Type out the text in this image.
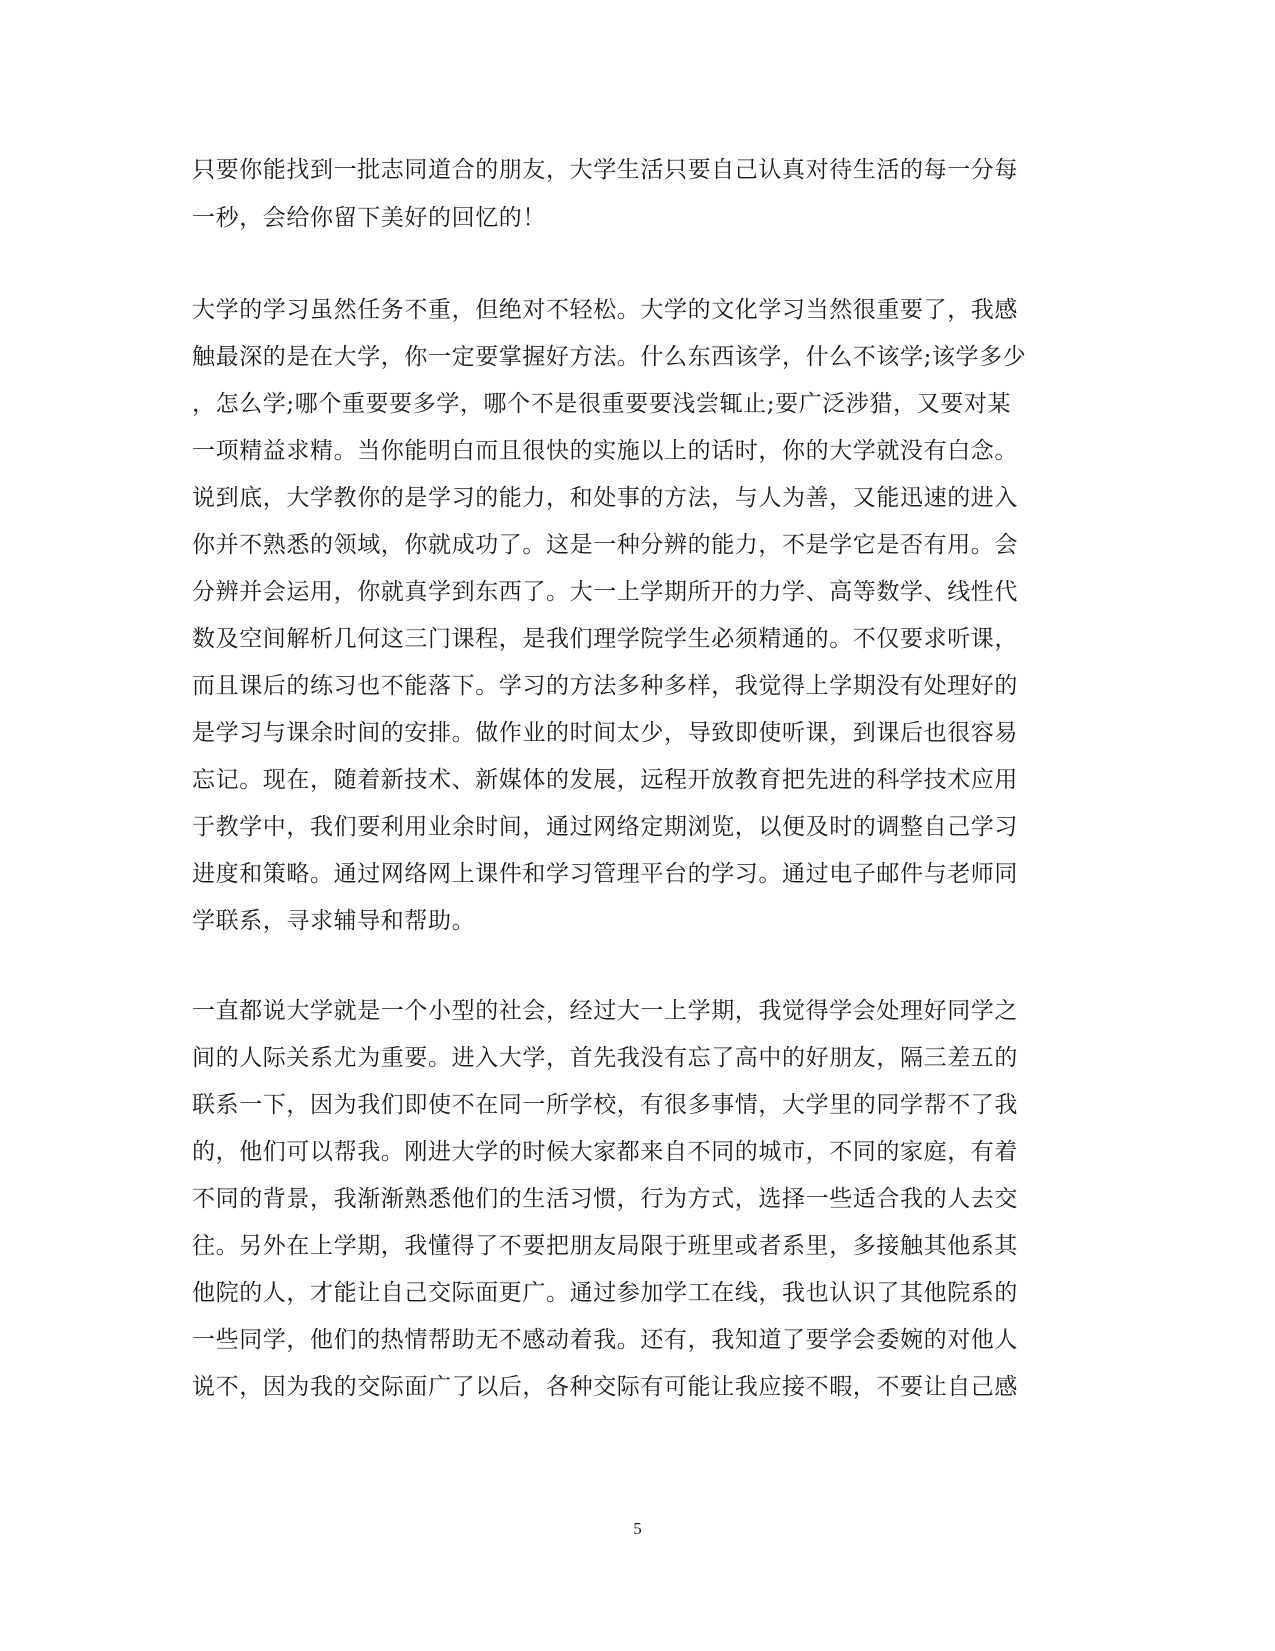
只要你能找到一批志同道合的朋友，大学生活只要自己认真对待生活的每一分每

一秒，会给你留下美好的回忆的！

大学的学习虽然任务不重，但绝对不轻松。大学的文化学习当然很重要了，我感

触最深的是在大学，你一定要掌握好方法。什么东西该学，什么不该学;该学多少

，怎么学;哪个重要要多学，哪个不是很重要要浅尝辄止;要广泛涉猎，又要对某

一项精益求精。当你能明白而且很快的实施以上的话时，你的大学就没有白念。

说到底，大学教你的是学习的能力，和处事的方法，与人为善，又能迅速的进入

你并不熟悉的领域，你就成功了。这是一种分辨的能力，不是学它是否有用。会

分辨并会运用，你就真学到东西了。大一上学期所开的力学、高等数学、线性代

数及空间解析几何这三门课程，是我们理学院学生必须精通的。不仅要求听课，

而且课后的练习也不能落下。学习的方法多种多样，我觉得上学期没有处理好的

是学习与课余时间的安排。做作业的时间太少，导致即使听课，到课后也很容易

忘记。现在，随着新技术、新媒体的发展，远程开放教育把先进的科学技术应用

于教学中，我们要利用业余时间，通过网络定期浏览，以便及时的调整自己学习

进度和策略。通过网络网上课件和学习管理平台的学习。通过电子邮件与老师同

学联系，寻求辅导和帮助。

一直都说大学就是一个小型的社会，经过大一上学期，我觉得学会处理好同学之

间的人际关系尤为重要。进入大学，首先我没有忘了高中的好朋友，隔三差五的

联系一下，因为我们即使不在同一所学校，有很多事情，大学里的同学帮不了我

的，他们可以帮我。刚进大学的时候大家都来自不同的城市，不同的家庭，有着

不同的背景，我渐渐熟悉他们的生活习惯，行为方式，选择一些适合我的人去交

往。另外在上学期，我懂得了不要把朋友局限于班里或者系里，多接触其他系其

他院的人，才能让自己交际面更广。通过参加学工在线，我也认识了其他院系的

一些同学，他们的热情帮助无不感动着我。还有，我知道了要学会委婉的对他人

说不，因为我的交际面广了以后，各种交际有可能让我应接不暇，不要让自己感

5
